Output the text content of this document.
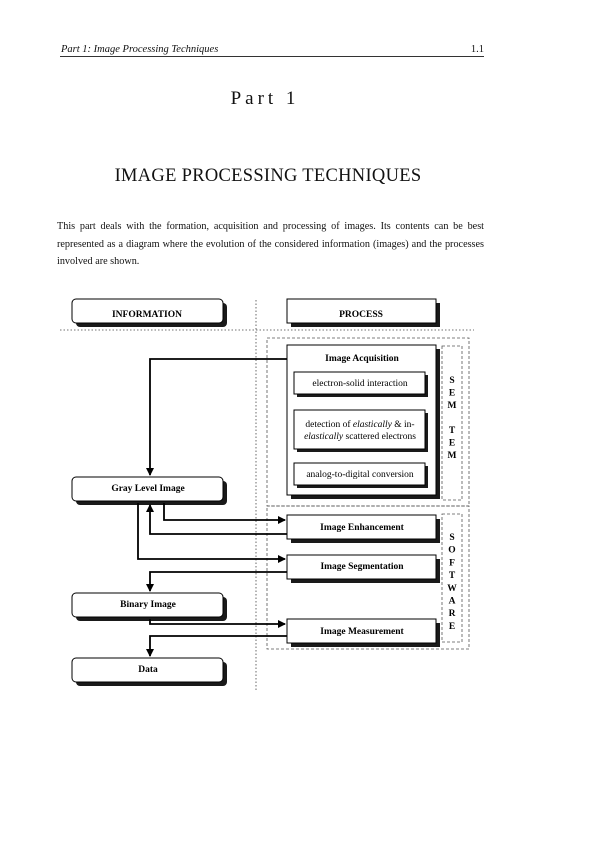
Part 1: Image Processing Techniques	1.1
Part 1
IMAGE PROCESSING TECHNIQUES
This part deals with the formation, acquisition and processing of images. Its contents can be best represented as a diagram where the evolution of the considered information (images) and the processes involved are shown.
INFORMATION	PROCESS
Image Acquisition
electron-solid interaction
detection of elastically & in-
elastically scattered electrons
analog-to-digital conversion
Image Enhancement
Image Segmentation
Image Measurement
Gray Level Image
Binary Image
Data
S
E
M
T
E
M
S
O
F
T
W
A
R
E
